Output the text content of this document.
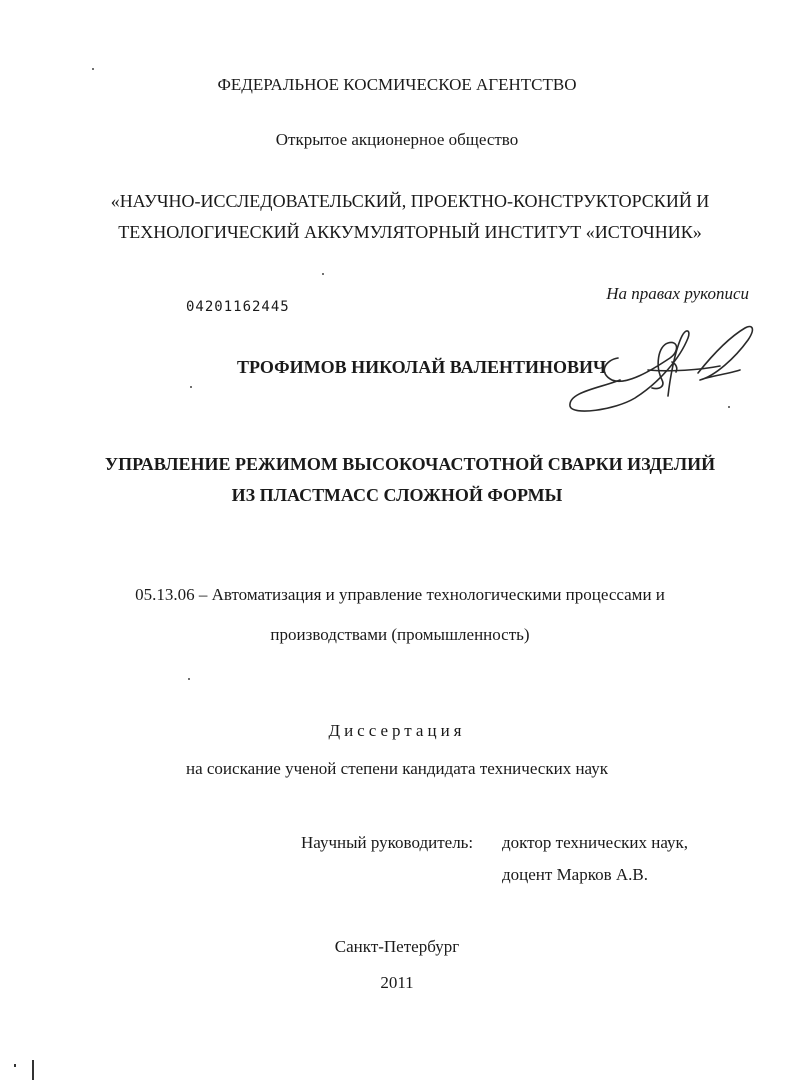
ФЕДЕРАЛЬНОЕ КОСМИЧЕСКОЕ АГЕНТСТВО
Открытое акционерное общество
«НАУЧНО-ИССЛЕДОВАТЕЛЬСКИЙ, ПРОЕКТНО-КОНСТРУКТОРСКИЙ И
ТЕХНОЛОГИЧЕСКИЙ АККУМУЛЯТОРНЫЙ ИНСТИТУТ «ИСТОЧНИК»
04201162445
На правах рукописи
ТРОФИМОВ НИКОЛАЙ ВАЛЕНТИНОВИЧ
УПРАВЛЕНИЕ РЕЖИМОМ ВЫСОКОЧАСТОТНОЙ СВАРКИ ИЗДЕЛИЙ
ИЗ ПЛАСТМАСС СЛОЖНОЙ ФОРМЫ
05.13.06 – Автоматизация и управление технологическими процессами и
производствами (промышленность)
Диссертация
на соискание ученой степени кандидата технических наук
Научный руководитель: доктор технических наук,
доцент Марков А.В.
Санкт-Петербург
2011
